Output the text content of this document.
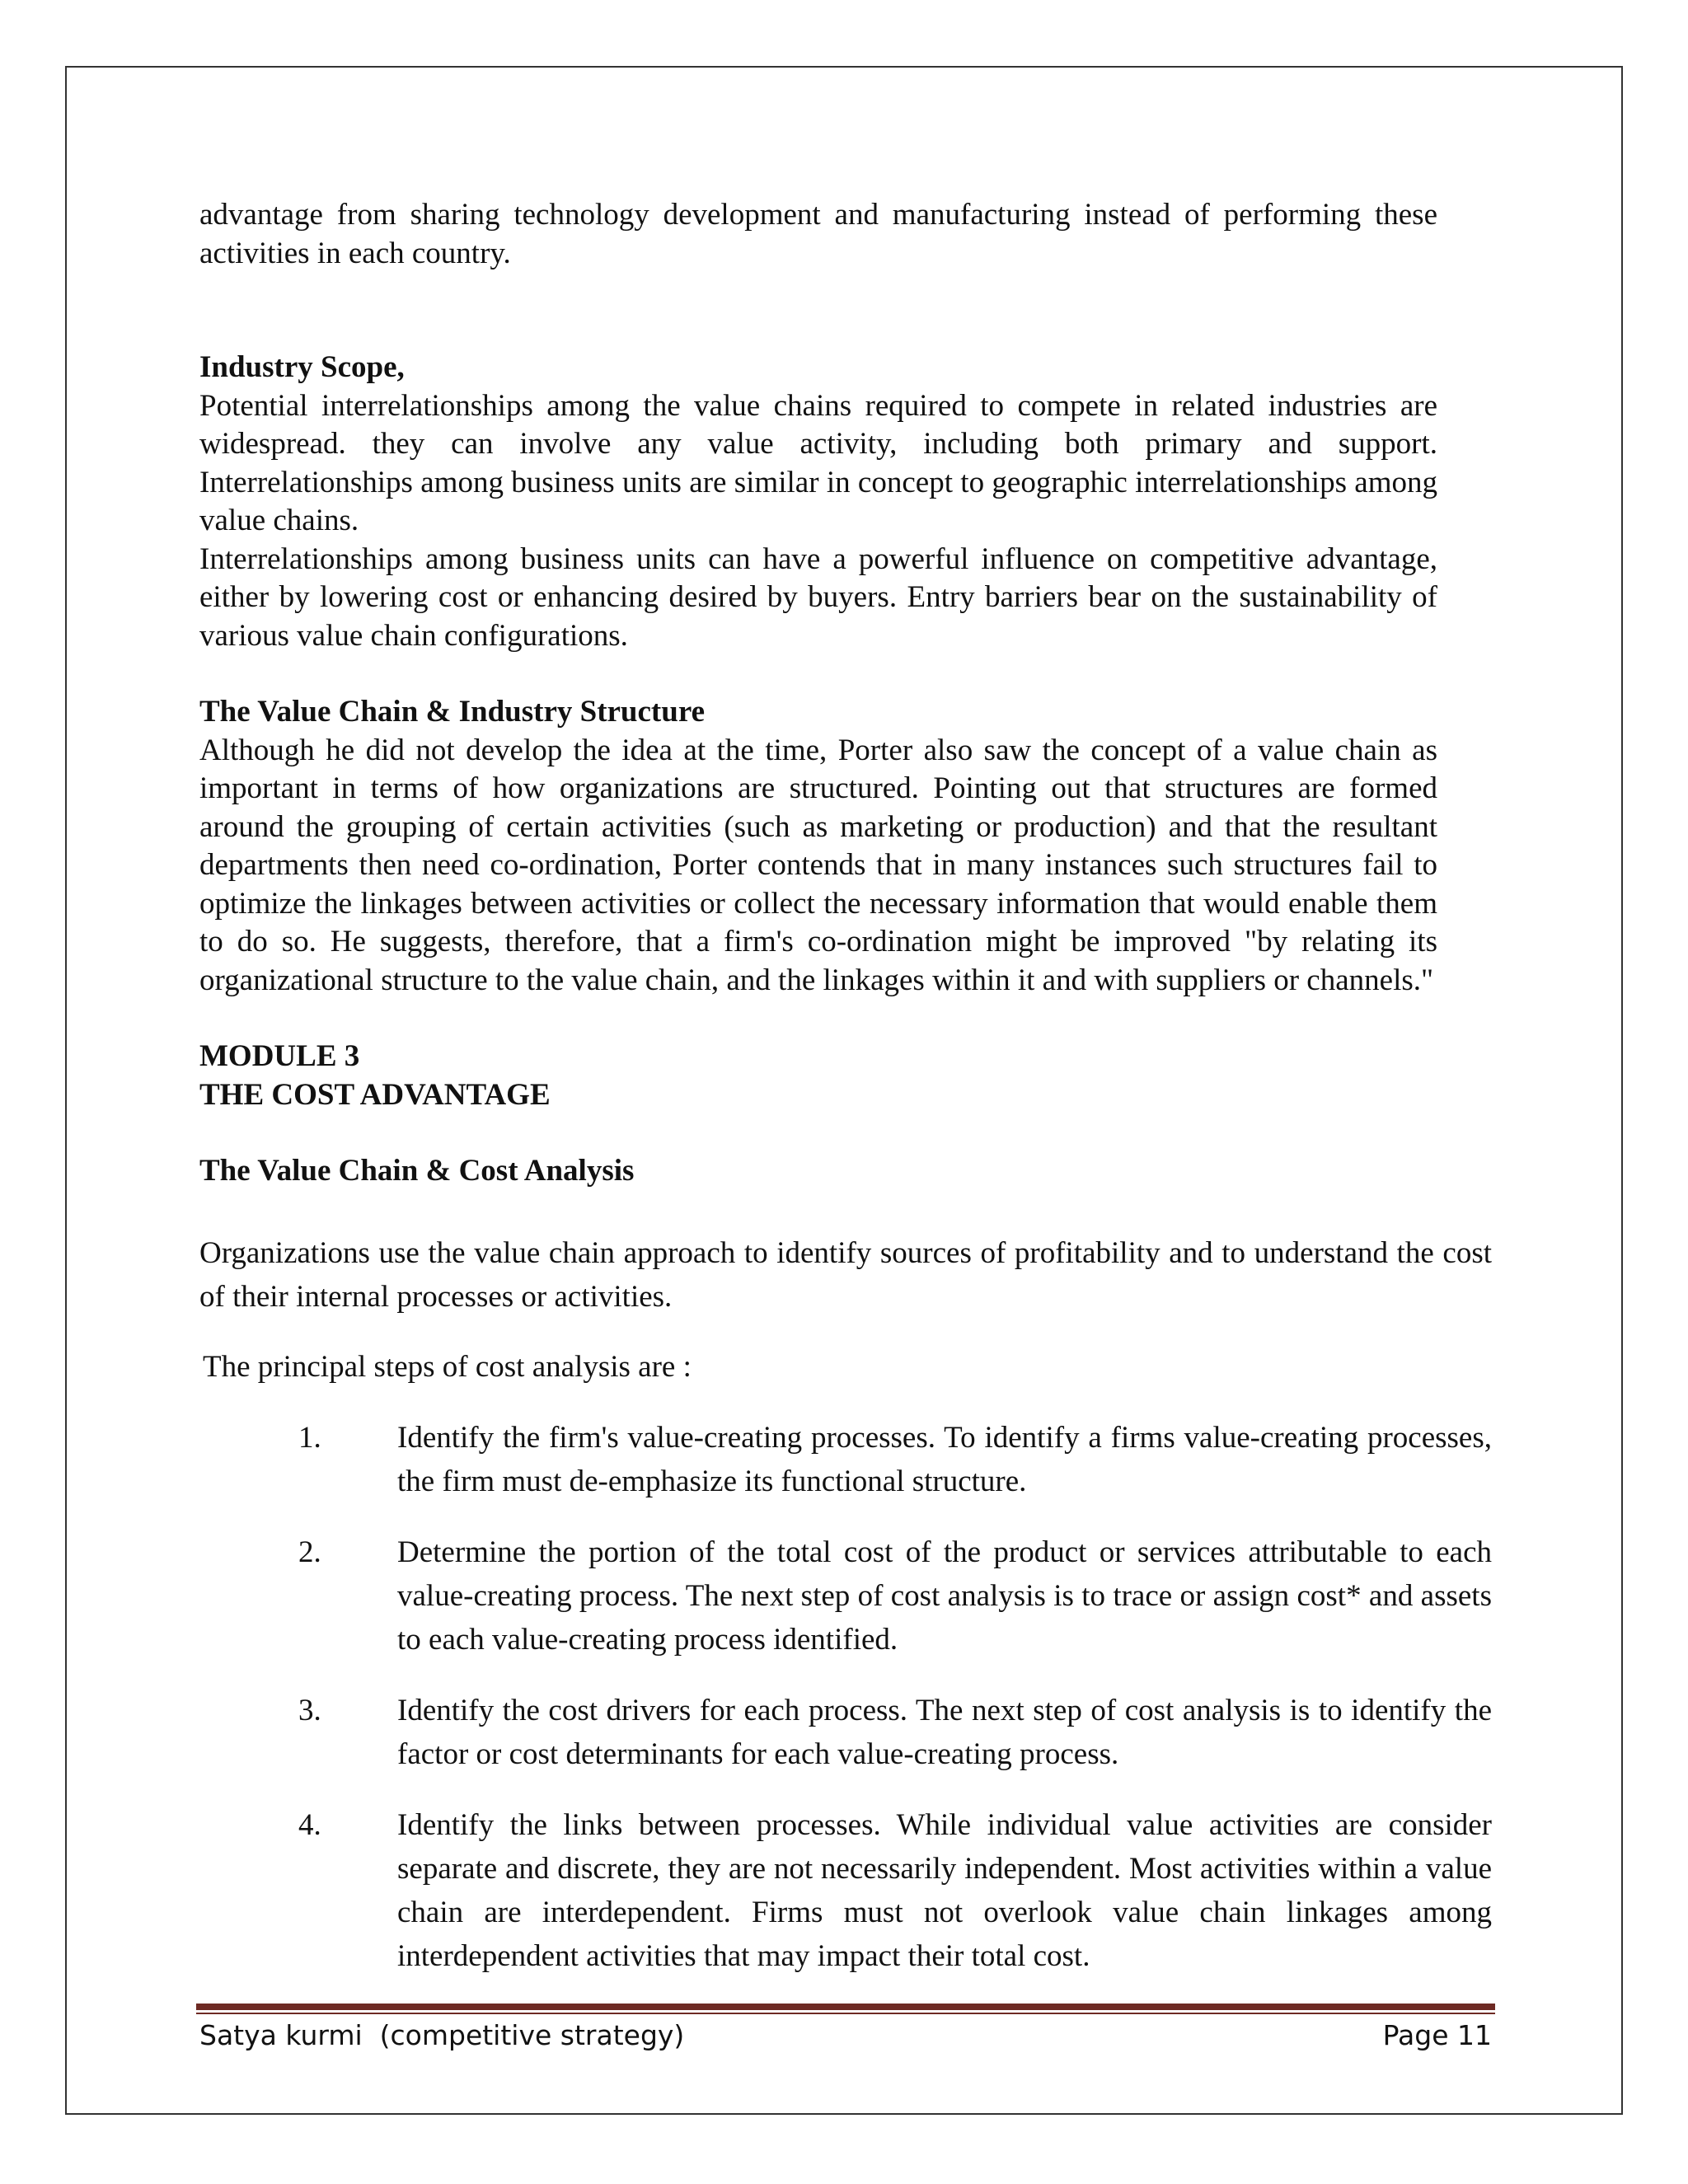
advantage from sharing technology development and manufacturing instead of performing these activities in each country.

Industry Scope,

Potential interrelationships among the value chains required to compete in related industries are widespread. they can involve any value activity, including both primary and support. Interrelationships among business units are similar in concept to geographic interrelationships among value chains.

Interrelationships among business units can have a powerful influence on competitive advantage, either by lowering cost or enhancing desired by buyers. Entry barriers bear on the sustainability of various value chain configurations.

The Value Chain & Industry Structure

Although he did not develop the idea at the time, Porter also saw the concept of a value chain as important in terms of how organizations are structured. Pointing out that structures are formed around the grouping of certain activities (such as marketing or production) and that the resultant departments then need co-ordination, Porter contends that in many instances such structures fail to optimize the linkages between activities or collect the necessary information that would enable them to do so. He suggests, therefore, that a firm's co-ordination might be improved "by relating its organizational structure to the value chain, and the linkages within it and with suppliers or channels."

MODULE 3
THE COST ADVANTAGE
The Value Chain & Cost Analysis

Organizations use the value chain approach to identify sources of profitability and to understand the cost of their internal processes or activities.

The principal steps of cost analysis are :

1. Identify the firm's value-creating processes. To identify a firms value-creating processes, the firm must de-emphasize its functional structure.
2. Determine the portion of the total cost of the product or services attributable to each value-creating process. The next step of cost analysis is to trace or assign cost* and assets to each value-creating process identified.
3. Identify the cost drivers for each process. The next step of cost analysis is to identify the factor or cost determinants for each value-creating process.
4. Identify the links between processes. While individual value activities are consider separate and discrete, they are not necessarily independent. Most activities within a value chain are interdependent. Firms must not overlook value chain linkages among interdependent activities that may impact their total cost.
Satya kurmi  (competitive strategy)	Page 11
